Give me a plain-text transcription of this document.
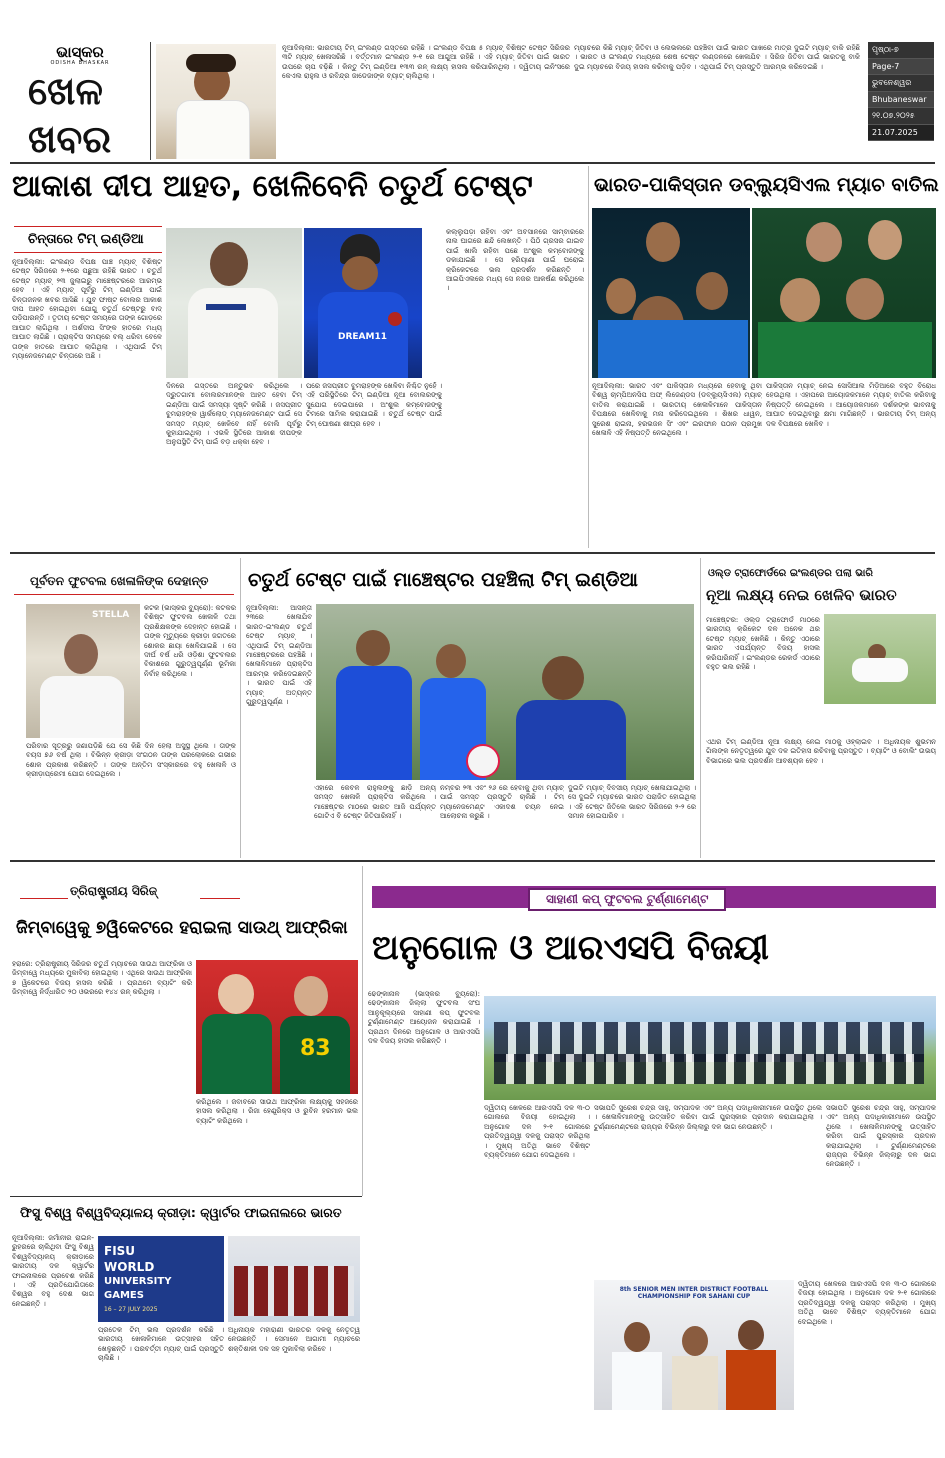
ଭାସ୍କର
ODISHA BHASKAR
ଖେଳ
ଖବର
ନୂଆଦିଲ୍ଲୀ: ଭାରତୀୟ ଟିମ୍ ଇଂଲଣ୍ଡ ଗସ୍ତରେ ରହିଛି । ଇଂଲଣ୍ଡ ବିପକ୍ଷ ୫ ମ୍ୟାଚ୍ ବିଶିଷ୍ଟ ଟେଷ୍ଟ ସିରିଜର ୩ଟି ମ୍ୟାଚ୍ ଖେଳାସରିଛି । ବର୍ତ୍ତମାନ ଇଂଲଣ୍ଡ ୨-୧ ରେ ଆଗୁଆ ରହିଛି । ଏହି ମ୍ୟାଚ୍ ଜିତିବା ପାଇଁ ଭାରତ ଉପରେ ଚାପ ବଢ଼ିଛି । କିନ୍ତୁ ଟିମ୍ ଇଣ୍ଡିଆ ୧୩୩ ରନ୍ ଲକ୍ଷ୍ୟ ହାସଲ କରିପାରିନଥିଲା । ଦ୍ୱିତୀୟ ଇନିଂସରେ କେଏଲ ରାହୁଲ ଓ ରବିନ୍ଦ୍ର ଜାଡେଜାଙ୍କ ବ୍ୟାଟ୍ ଚାଲିଥିଲା ।
ମ୍ୟାଚରେ କିଛି ମ୍ୟାଚ୍ ଜିତିବା ଓ ଲେଭଲରେ ପହଞ୍ଚିବା ପାଇଁ ଭାରତ ପାଖରେ ମାତ୍ର ଦୁଇଟି ମ୍ୟାଚ୍ ବାକି ରହିଛି । ଭାରତ ଓ ଇଂଲଣ୍ଡ ମଧ୍ୟରେ ଶେଷ ଟେଷ୍ଟ ଲଣ୍ଡନରେ ଖେଳାଯିବ । ସିରିଜ ଜିତିବା ପାଇଁ ଭାରତକୁ ବାକି ଦୁଇ ମ୍ୟାଚରେ ବିଜୟ ହାସଲ କରିବାକୁ ପଡ଼ିବ । ଏଥିପାଇଁ ଟିମ୍ ପ୍ରସ୍ତୁତି ଆରମ୍ଭ କରିଦେଇଛି ।
ପୃଷ୍ଠା-୭
Page-7
ଭୁବନେଶ୍ୱର
Bhubaneswar
୨୧.୦୭.୨୦୨୫
21.07.2025
ଆକାଶ ଦୀପ ଆହତ, ଖେଳିବେନି ଚତୁର୍ଥ ଟେଷ୍ଟ
ଚିନ୍ତାରେ ଟିମ୍ ଇଣ୍ଡିଆ
ନୂଆଦିଲ୍ଲୀ: ଇଂଲଣ୍ଡ ବିପକ୍ଷ ପାଞ୍ଚ ମ୍ୟାଚ୍ ବିଶିଷ୍ଟ ଟେଷ୍ଟ ସିରିଜରେ ୨-୧ରେ ପଛୁଆ ରହିଛି ଭାରତ । ଚତୁର୍ଥ ଟେଷ୍ଟ ମ୍ୟାଚ୍ ୨୩ ଜୁଲାଇରୁ ମାଞ୍ଚେଷ୍ଟରରେ ଆରମ୍ଭ ହେବ । ଏହି ମ୍ୟାଚ୍ ପୂର୍ବରୁ ଟିମ୍ ଇଣ୍ଡିଆ ପାଇଁ ଚିନ୍ତାଜନକ ଖବର ଆସିଛି । ଯୁବ ଫାଷ୍ଟ ବୋଲର ଆକାଶ ଦୀପ ଆହତ ହୋଇଥିବା ଯୋଗୁ ଚତୁର୍ଥ ଟେଷ୍ଟରୁ ବାଦ୍ ପଡ଼ିପାରନ୍ତି । ତୃତୀୟ ଟେଷ୍ଟ ସମୟରେ ତାଙ୍କ ଗୋଡ଼ରେ ଆଘାତ ଲାଗିଥିଲା । ଅର୍ଶଦୀପ ସିଂଙ୍କ ହାତରେ ମଧ୍ୟ ଆଘାତ ଲାଗିଛି । ପ୍ରାକ୍ଟିସ ସମୟରେ ବଲ୍ ଧରିବା ବେଳେ ତାଙ୍କ ହାତରେ ଆଘାତ ଲାଗିଥିଲା । ଏଥିପାଇଁ ଟିମ୍ ମ୍ୟାନେଜମେଣ୍ଟ ଚିନ୍ତାରେ ଅଛି ।
DREAM11
ଦିନରେ ଗସ୍ତରେ ଅନ୍ତୁଭବ କରିଥିଲେ । ଦ୍ରୁତଗାମୀ ବୋଲରମାନଙ୍କ ଆହତ ହେବା ଟିମ୍ ଇଣ୍ଡିଆ ପାଇଁ ସମସ୍ୟା ସୃଷ୍ଟି କରିଛି । ଜସପ୍ରୀତ ବୁମରାହଙ୍କ ୱାର୍କଲୋଡ୍ ମ୍ୟାନେଜମେଣ୍ଟ ପାଇଁ ସେ ସମସ୍ତ ମ୍ୟାଚ୍ ଖେଳିବେ ନାହିଁ ବୋଲି ପୂର୍ବରୁ କୁହାଯାଇଥିଲା । ଏଭଳି ସ୍ଥିତିରେ ଆକାଶ ଦୀପଙ୍କ ଅନୁପସ୍ଥିତି ଟିମ୍ ପାଇଁ ବଡ଼ ଧକ୍କା ହେବ ।
ପରେ ଜସପ୍ରୀତ ବୁମରାହଙ୍କ ଖେଳିବା ନିଶ୍ଚିତ ନୁହେଁ । ଏହି ପରିସ୍ଥିତିରେ ଟିମ୍ ଇଣ୍ଡିଆ ନୂଆ ବୋଲରଙ୍କୁ ସୁଯୋଗ ଦେଇପାରେ । ଅଂଶୁଲ କମ୍ବୋଜଙ୍କୁ ଟିମରେ ସାମିଲ କରାଯାଇଛି । ଚତୁର୍ଥ ଟେଷ୍ଟ ପାଇଁ ଟିମ୍ ଘୋଷଣା ଶୀଘ୍ର ହେବ ।
କଲ୍ଲୁପଡ଼ା ରହିବା ଏବଂ ଅବସାନରେ ସାମ୍ବାରରେ ନାଲ ଘାଗରେ ଛନ୍ଦି ଲେଖନ୍ତି । ପିଠି ଗ୍ରସର ଗାଇବ ପାଇଁ ଖାଲି ରହିବା ପଛେ ଅଂଶୁଲ କମ୍ବୋଜଙ୍କୁ ଡକାଯାଇଛି । ସେ ହରିୟାଣା ପାଇଁ ଘରୋଇ କ୍ରିକେଟରେ ଭଲ ପ୍ରଦର୍ଶନ କରିଛନ୍ତି । ଆଇପିଏଲରେ ମଧ୍ୟ ସେ ନଜର ଆକର୍ଷଣ କରିଥିଲେ ।
ଭାରତ-ପାକିସ୍ତାନ ଡବ୍ଲ୍ୟୁସିଏଲ ମ୍ୟାଚ ବାତିଲ
ନୂଆଦିଲ୍ଲୀ: ଭାରତ ଏବଂ ପାକିସ୍ତାନ ମଧ୍ୟରେ ହେବାକୁ ଥିବା ବିଶ୍ୱ ଚାମ୍ପିଅନସିପ ଅଫ୍ ଲିଜେଣ୍ଡସ (ଡବ୍ଲ୍ୟୁସିଏଲ) ମ୍ୟାଚ୍ ବାତିଲ କରାଯାଇଛି । ଭାରତୀୟ ଖେଳାଳିମାନେ ପାକିସ୍ତାନ ବିପକ୍ଷରେ ଖେଳିବାକୁ ମନା କରିଦେଇଥିଲେ । ଶିଖର ଧାୱନ, ସୁରେଶ ରାଇନା, ହରଭଜନ ସିଂ ଏବଂ ଇରଫାନ ପଠାନ ପ୍ରମୁଖ ଖେଳାଳି ଏହି ନିଷ୍ପତ୍ତି ନେଇଥିଲେ ।
ପାକିସ୍ତାନ ମ୍ୟାଚ୍ ନେଇ ସୋସିଆଲ ମିଡ଼ିଆରେ ବହୁତ ବିରୋଧ ହେଉଥିଲା । ଏହାପରେ ଆୟୋଜକମାନେ ମ୍ୟାଚ୍ ବାତିଲ କରିବାକୁ ନିଷ୍ପତ୍ତି ନେଇଥିଲେ । ଆୟୋଜକମାନେ ଦର୍ଶକଙ୍କ ଭାବନାକୁ ଆଘାତ ଦେଇଥିବାରୁ କ୍ଷମା ମାଗିଛନ୍ତି । ଭାରତୀୟ ଟିମ୍ ଅନ୍ୟ ଦଳ ବିପକ୍ଷରେ ଖେଳିବ ।
ପୂର୍ବତନ ଫୁଟବଲ ଖେଳାଳିଙ୍କ ଦେହାନ୍ତ
STELLA
କଟକ (ଭାସ୍କର ବ୍ୟୁରୋ): କଟକର ବିଶିଷ୍ଟ ଫୁଟବଲ ଖେଳାଳି ତଥା ପ୍ରଶିକ୍ଷକଙ୍କ ଦେହାନ୍ତ ହୋଇଛି । ତାଙ୍କ ମୃତ୍ୟୁରେ କ୍ରୀଡ଼ା ଜଗତରେ ଶୋକର ଛାୟା ଖେଳିଯାଇଛି । ସେ ଦୀର୍ଘ ବର୍ଷ ଧରି ଓଡ଼ିଶା ଫୁଟବଲର ବିକାଶରେ ଗୁରୁତ୍ୱପୂର୍ଣ୍ଣ ଭୂମିକା ନିର୍ବାହ କରିଥିଲେ ।
ପରିବାର ସୂତ୍ରରୁ ଜଣାପଡ଼ିଛି ଯେ ସେ କିଛି ଦିନ ହେଲା ଅସୁସ୍ଥ ଥିଲେ । ତାଙ୍କ ବୟସ ୭୬ ବର୍ଷ ଥିଲା । ବିଭିନ୍ନ କ୍ରୀଡ଼ା ସଂଗଠନ ତାଙ୍କ ପରଲୋକରେ ଗଭୀର ଶୋକ ପ୍ରକାଶ କରିଛନ୍ତି । ତାଙ୍କ ଅନ୍ତିମ ସଂସ୍କାରରେ ବହୁ ଖେଳାଳି ଓ କ୍ରୀଡ଼ାପ୍ରେମୀ ଯୋଗ ଦେଇଥିଲେ ।
ଚତୁର୍ଥ ଟେଷ୍ଟ ପାଇଁ ମାଞ୍ଚେଷ୍ଟର ପହଞ୍ଚିଲା ଟିମ୍ ଇଣ୍ଡିଆ
ନୂଆଦିଲ୍ଲୀ: ଆସନ୍ତା ୨୩ରେ ଖେଳାଯିବ ଭାରତ-ଇଂଲଣ୍ଡ ଚତୁର୍ଥ ଟେଷ୍ଟ ମ୍ୟାଚ୍ । ଏଥିପାଇଁ ଟିମ୍ ଇଣ୍ଡିଆ ମାଞ୍ଚେଷ୍ଟରରେ ପହଞ୍ଚିଛି । ଖେଳାଳିମାନେ ପ୍ରାକ୍ଟିସ ଆରମ୍ଭ କରିଦେଇଛନ୍ତି । ଭାରତ ପାଇଁ ଏହି ମ୍ୟାଚ୍ ଅତ୍ୟନ୍ତ ଗୁରୁତ୍ୱପୂର୍ଣ୍ଣ ।
ଏହାରେ କେବଳ ରାହୁଲଙ୍କୁ ଛାଡ଼ି ଅନ୍ୟ ସମସ୍ତ ଖେଳାଳି ପ୍ରାକ୍ଟିସ କରିଥିଲେ । ମାଞ୍ଚେଷ୍ଟର ମାଠରେ ଭାରତ ଆଜି ପର୍ଯ୍ୟନ୍ତ ଗୋଟିଏ ବି ଟେଷ୍ଟ ଜିତିପାରିନାହିଁ ।
ନମ୍ବର ୨୩ ଏବଂ ୨୬ ରେ ହେବାକୁ ଥିବା ମ୍ୟାଚ୍ ପାଇଁ ସମସ୍ତ ପ୍ରସ୍ତୁତି ଚାଲିଛି । ଟିମ୍ ମ୍ୟାନେଜମେଣ୍ଟ ଏକାଦଶ ଚୟନ ନେଇ ଆଲୋଚନା କରୁଛି ।
ଦୁଇଟି ମ୍ୟାଚ୍ ଦିବସୀୟ ମ୍ୟାଚ୍ ଖେଳାଯାଇଥିଲା । ସେ ଦୁଇଟି ମ୍ୟାଚରେ ଭାରତ ପରାଜିତ ହୋଇଥିଲା । ଏହି ଟେଷ୍ଟ ଜିତିଲେ ଭାରତ ସିରିଜରେ ୨-୨ ରେ ସମାନ ହୋଇପାରିବ ।
ଓଲ୍ଡ ଟ୍ରାଫୋର୍ଡରେ ଇଂଲଣ୍ଡର ପଲା ଭାରି
ନୂଆ ଲକ୍ଷ୍ୟ ନେଇ ଖେଳିବ ଭାରତ
ମାଞ୍ଚେଷ୍ଟର: ଓଲ୍ଡ ଟ୍ରାଫୋର୍ଡ ମାଠରେ ଭାରତୀୟ କ୍ରିକେଟ ଦଳ ଅନେକ ଥର ଟେଷ୍ଟ ମ୍ୟାଚ୍ ଖେଳିଛି । କିନ୍ତୁ ଏଠାରେ ଭାରତ ଏପର୍ଯ୍ୟନ୍ତ ବିଜୟ ହାସଲ କରିପାରିନାହିଁ । ଇଂଲଣ୍ଡର ରେକର୍ଡ ଏଠାରେ ବହୁତ ଭଲ ରହିଛି ।
ଏଥର ଟିମ୍ ଇଣ୍ଡିଆ ନୂଆ ଲକ୍ଷ୍ୟ ନେଇ ମାଠକୁ ଓହ୍ଲାଇବ । ଅଧିନାୟକ ଶୁଭମନ ଗିଲଙ୍କ ନେତୃତ୍ୱରେ ଯୁବ ଦଳ ଇତିହାସ ରଚିବାକୁ ପ୍ରସ୍ତୁତ । ବ୍ୟାଟିଂ ଓ ବୋଲିଂ ଉଭୟ ବିଭାଗରେ ଭଲ ପ୍ରଦର୍ଶନ ଆବଶ୍ୟକ ହେବ ।
ତ୍ରିରାଷ୍ଟ୍ରୀୟ ସିରିଜ୍
ଜିମ୍ବାୱେକୁ ୭ୱିକେଟରେ ହରାଇଲା ସାଉଥ୍ ଆଫ୍ରିକା
ହରାରେ: ତ୍ରିରାଷ୍ଟ୍ରୀୟ ସିରିଜର ଚତୁର୍ଥ ମ୍ୟାଚରେ ସାଉଥ ଆଫ୍ରିକା ଓ ଜିମ୍ବାୱେ ମଧ୍ୟରେ ମୁକାବିଲା ହୋଇଥିଲା । ଏଥିରେ ସାଉଥ ଆଫ୍ରିକା ୭ ୱିକେଟରେ ବିଜୟ ହାସଲ କରିଛି । ପ୍ରଥମେ ବ୍ୟାଟିଂ କରି ଜିମ୍ବାୱେ ନିର୍ଦ୍ଧାରିତ ୨୦ ଓଭରରେ ୧୪୪ ରନ୍ କରିଥିଲା ।
83
କରିଥିଲେ । ଜବାବରେ ସାଉଥ ଆଫ୍ରିକା ଲକ୍ଷ୍ୟକୁ ସହଜରେ ହାସଲ କରିଥିଲା । ରିଜା ହେଣ୍ଡ୍ରିକ୍ସ ଓ ରୁବିନ ହରମାନ ଭଲ ବ୍ୟାଟିଂ କରିଥିଲେ ।
ସାହାଣୀ କପ୍ ଫୁଟବଲ ଟୁର୍ଣ୍ଣାମେଣ୍ଟ
ଅନୁଗୋଳ ଓ ଆରଏସପି ବିଜୟୀ
ଢେଙ୍କାନାଳ (ଭାସ୍କର ବ୍ୟୁରୋ): ଢେଙ୍କାନାଳ ଜିଲ୍ଲା ଫୁଟବଲ ସଂଘ ଆନୁକୂଲ୍ୟରେ ସାହାଣୀ କପ୍ ଫୁଟବଲ ଟୁର୍ଣ୍ଣାମେଣ୍ଟ ଆୟୋଜନ କରାଯାଇଛି । ପ୍ରଥମ ଦିନରେ ଅନୁଗୋଳ ଓ ଆରଏସପି ଦଳ ବିଜୟ ହାସଲ କରିଛନ୍ତି ।
ଦ୍ୱିତୀୟ ଖେଳରେ ଆରଏସପି ଦଳ ୩-୦ ଗୋଲରେ ବିଜୟୀ ହୋଇଥିଲା । ଅନୁଗୋଳ ଦଳ ୨-୧ ଗୋଲରେ ପ୍ରତିଦ୍ୱନ୍ଦ୍ୱୀ ଦଳକୁ ପରାସ୍ତ କରିଥିଲା । ମୁଖ୍ୟ ଅତିଥି ଭାବେ ବିଶିଷ୍ଟ ବ୍ୟକ୍ତିମାନେ ଯୋଗ ଦେଇଥିଲେ ।
ସଭାପତି ସୁରେଶ ଚନ୍ଦ୍ର ସାହୁ, ସମ୍ପାଦକ ଏବଂ ଅନ୍ୟ ପଦାଧିକାରୀମାନେ ଉପସ୍ଥିତ ଥିଲେ । ଖେଳାଳିମାନଙ୍କୁ ଉତ୍ସାହିତ କରିବା ପାଇଁ ପୁରସ୍କାର ପ୍ରଦାନ କରାଯାଇଥିଲା । ଟୁର୍ଣ୍ଣାମେଣ୍ଟରେ ରାଜ୍ୟର ବିଭିନ୍ନ ଜିଲ୍ଲାରୁ ଦଳ ଭାଗ ନେଉଛନ୍ତି ।
ସଭାପତି ସୁରେଶ ଚନ୍ଦ୍ର ସାହୁ, ସମ୍ପାଦକ ଏବଂ ଅନ୍ୟ ପଦାଧିକାରୀମାନେ ଉପସ୍ଥିତ ଥିଲେ । ଖେଳାଳିମାନଙ୍କୁ ଉତ୍ସାହିତ କରିବା ପାଇଁ ପୁରସ୍କାର ପ୍ରଦାନ କରାଯାଇଥିଲା । ଟୁର୍ଣ୍ଣାମେଣ୍ଟରେ ରାଜ୍ୟର ବିଭିନ୍ନ ଜିଲ୍ଲାରୁ ଦଳ ଭାଗ ନେଉଛନ୍ତି ।
8th SENIOR MEN INTER DISTRICT FOOTBALL CHAMPIONSHIP FOR SAHANI CUP
ଦ୍ୱିତୀୟ ଖେଳରେ ଆରଏସପି ଦଳ ୩-୦ ଗୋଲରେ ବିଜୟୀ ହୋଇଥିଲା । ଅନୁଗୋଳ ଦଳ ୨-୧ ଗୋଲରେ ପ୍ରତିଦ୍ୱନ୍ଦ୍ୱୀ ଦଳକୁ ପରାସ୍ତ କରିଥିଲା । ମୁଖ୍ୟ ଅତିଥି ଭାବେ ବିଶିଷ୍ଟ ବ୍ୟକ୍ତିମାନେ ଯୋଗ ଦେଇଥିଲେ ।
ଫିସୁ ବିଶ୍ୱ ବିଶ୍ୱବିଦ୍ୟାଳୟ କ୍ରୀଡ଼ା: କ୍ୱାର୍ଟର ଫାଇନାଲରେ ଭାରତ
ନୂଆଦିଲ୍ଲୀ: ଜର୍ମାନୀର ରାଇନ-ରୁହରରେ ଚାଲିଥିବା ଫିସୁ ବିଶ୍ୱ ବିଶ୍ୱବିଦ୍ୟାଳୟ କ୍ରୀଡ଼ାରେ ଭାରତୀୟ ଦଳ କ୍ୱାର୍ଟର ଫାଇନାଲରେ ପ୍ରବେଶ କରିଛି । ଏହି ପ୍ରତିଯୋଗିତାରେ ବିଶ୍ୱର ବହୁ ଦେଶ ଭାଗ ନେଇଛନ୍ତି ।
FISU
WORLD
UNIVERSITY
GAMES
16 – 27 JULY 2025
ପ୍ରତେକ ଟିମ୍ ଭଲ ପ୍ରଦର୍ଶନ କରିଛି । ଭାରତୀୟ ଖେଳାଳିମାନେ ଉତ୍ସାହର ସହିତ ଖେଳୁଛନ୍ତି । ପରବର୍ତ୍ତୀ ମ୍ୟାଚ୍ ପାଇଁ ପ୍ରସ୍ତୁତି ଚାଲିଛି ।
ଅଧିନାୟକ ମହାରାଣୀ ଭାରତର ଦଳକୁ ନେତୃତ୍ୱ ନେଉଛନ୍ତି । ସେମାନେ ଆଗାମୀ ମ୍ୟାଚରେ ଶକ୍ତିଶାଳୀ ଦଳ ସହ ମୁକାବିଲା କରିବେ ।
